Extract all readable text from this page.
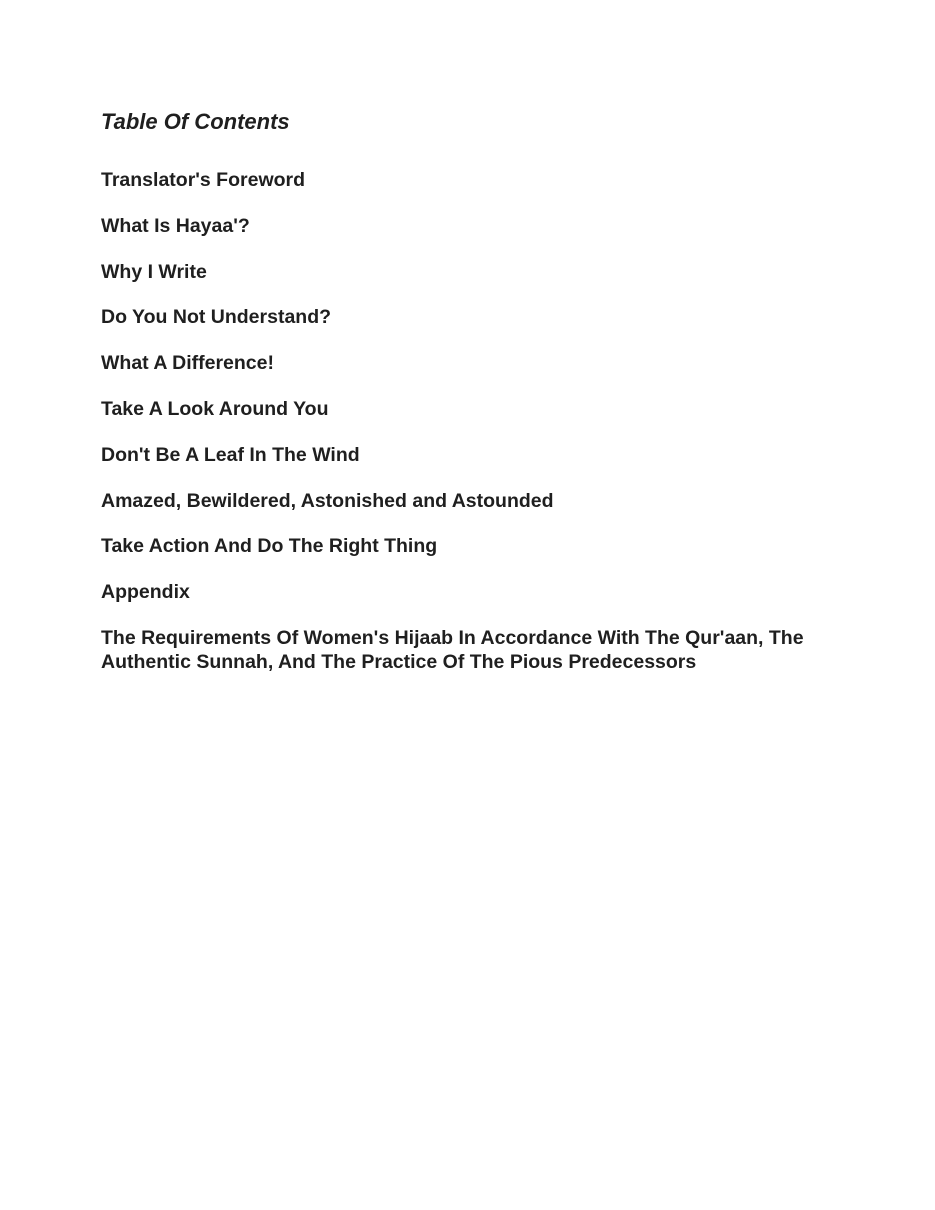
Table Of Contents
Translator's Foreword
What Is Hayaa'?
Why I Write
Do You Not Understand?
What A Difference!
Take A Look Around You
Don't Be A Leaf In The Wind
Amazed, Bewildered, Astonished and Astounded
Take Action And Do The Right Thing
Appendix
The Requirements Of Women's Hijaab In Accordance With The Qur'aan, The Authentic Sunnah, And The Practice Of The Pious Predecessors
